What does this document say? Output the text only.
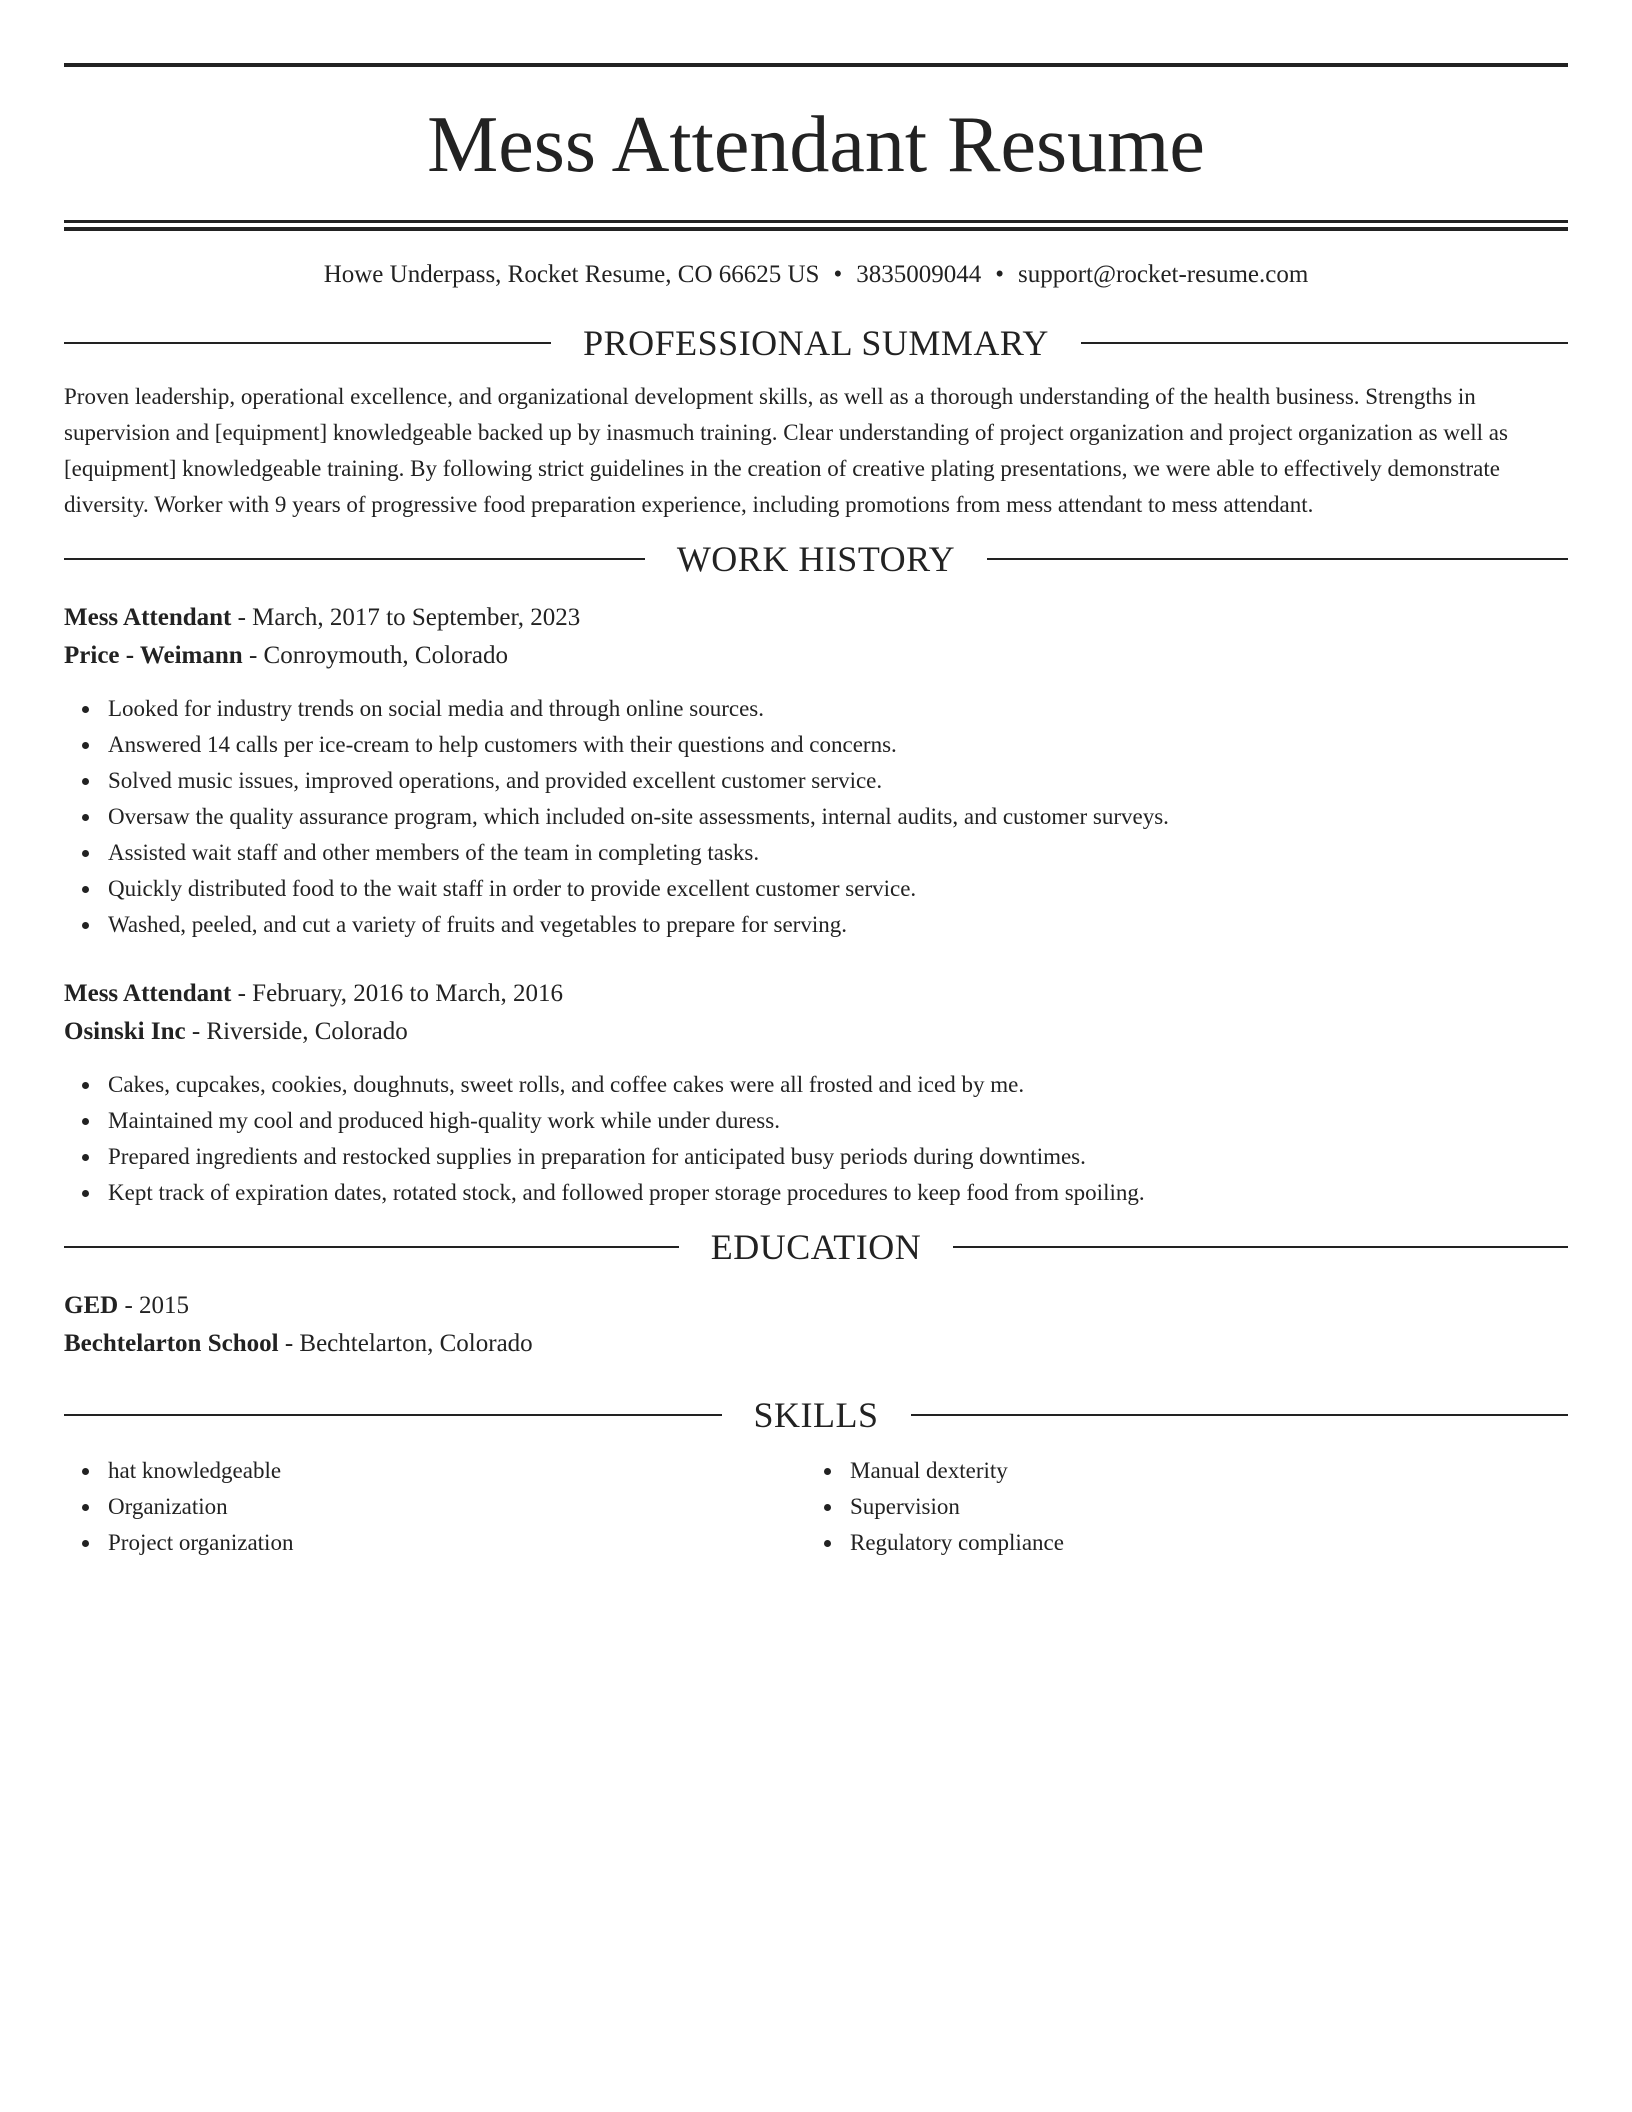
Mess Attendant Resume
Howe Underpass, Rocket Resume, CO 66625 US • 3835009044 • support@rocket-resume.com
PROFESSIONAL SUMMARY

Proven leadership, operational excellence, and organizational development skills, as well as a thorough understanding of the health business. Strengths in supervision and [equipment] knowledgeable backed up by inasmuch training. Clear understanding of project organization and project organization as well as [equipment] knowledgeable training. By following strict guidelines in the creation of creative plating presentations, we were able to effectively demonstrate diversity. Worker with 9 years of progressive food preparation experience, including promotions from mess attendant to mess attendant.

WORK HISTORY
Mess Attendant - March, 2017 to September, 2023
Price - Weimann - Conroymouth, Colorado
Looked for industry trends on social media and through online sources.
Answered 14 calls per ice-cream to help customers with their questions and concerns.
Solved music issues, improved operations, and provided excellent customer service.
Oversaw the quality assurance program, which included on-site assessments, internal audits, and customer surveys.
Assisted wait staff and other members of the team in completing tasks.
Quickly distributed food to the wait staff in order to provide excellent customer service.
Washed, peeled, and cut a variety of fruits and vegetables to prepare for serving.
Mess Attendant - February, 2016 to March, 2016
Osinski Inc - Riverside, Colorado
Cakes, cupcakes, cookies, doughnuts, sweet rolls, and coffee cakes were all frosted and iced by me.
Maintained my cool and produced high-quality work while under duress.
Prepared ingredients and restocked supplies in preparation for anticipated busy periods during downtimes.
Kept track of expiration dates, rotated stock, and followed proper storage procedures to keep food from spoiling.
EDUCATION
GED - 2015
Bechtelarton School - Bechtelarton, Colorado
SKILLS
hat knowledgeable
Organization
Project organization
Manual dexterity
Supervision
Regulatory compliance
